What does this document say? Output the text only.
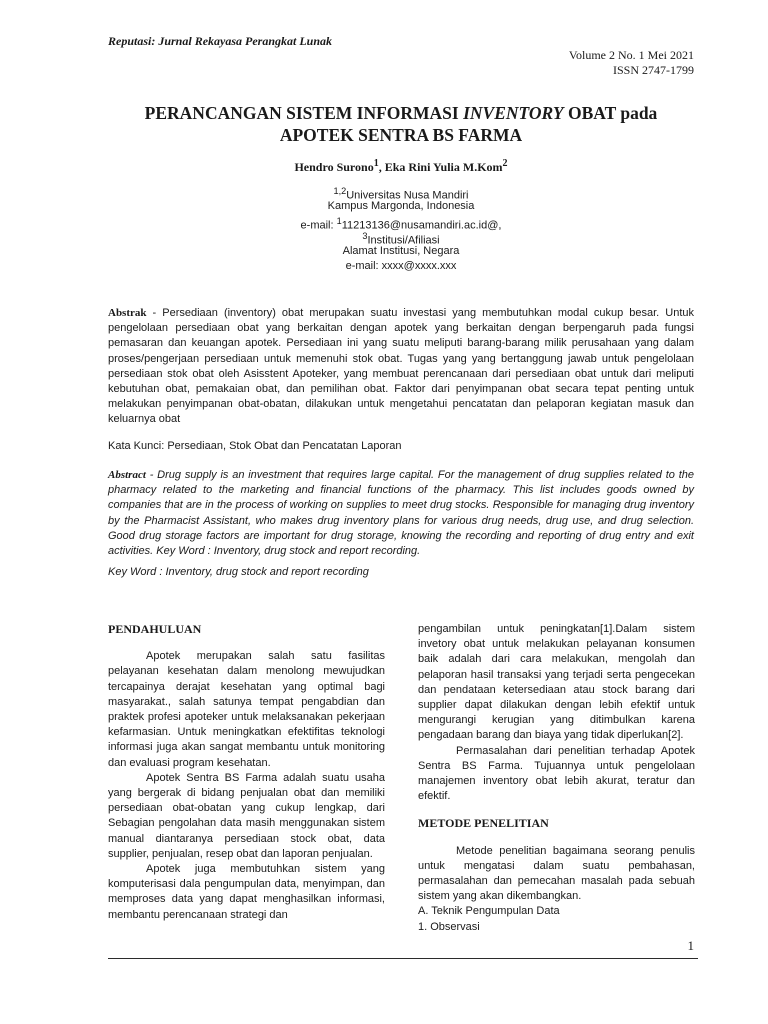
Reputasi: Jurnal Rekayasa Perangkat Lunak
Volume 2 No. 1 Mei 2021
ISSN 2747-1799
PERANCANGAN SISTEM INFORMASI INVENTORY OBAT pada
APOTEK SENTRA BS FARMA
Hendro Surono$^1$, Eka Rini Yulia M.Kom$^2$
$^{1,2}$Universitas Nusa Mandiri
Kampus Margonda, Indonesia
e-mail: $^1$11213136@nusamandiri.ac.id@,
$^3$Institusi/Afiliasi
Alamat Institusi, Negara
e-mail: xxxx@xxxx.xxx
Abstrak - Persediaan (inventory) obat merupakan suatu investasi yang membutuhkan modal cukup besar. Untuk pengelolaan persediaan obat yang berkaitan dengan apotek yang berkaitan dengan berpengaruh pada fungsi pemasaran dan keuangan apotek. Persediaan ini yang suatu meliputi barang-barang milik perusahaan yang dalam proses/pengerjaan persediaan untuk memenuhi stok obat. Tugas yang yang bertanggung jawab untuk pengelolaan persediaan stok obat oleh Asisstent Apoteker, yang membuat perencanaan dari persediaan obat untuk dari meliputi kebutuhan obat, pemakaian obat, dan pemilihan obat. Faktor dari penyimpanan obat secara tepat penting untuk melakukan penyimpanan obat-obatan, dilakukan untuk mengetahui pencatatan dan pelaporan kegiatan masuk dan keluarnya obat
Kata Kunci: Persediaan, Stok Obat dan Pencatatan Laporan
Abstract - Drug supply is an investment that requires large capital. For the management of drug supplies related to the pharmacy related to the marketing and financial functions of the pharmacy. This list includes goods owned by companies that are in the process of working on supplies to meet drug stocks. Responsible for managing drug inventory by the Pharmacist Assistant, who makes drug inventory plans for various drug needs, drug use, and drug selection. Good drug storage factors are important for drug storage, knowing the recording and reporting of drug entry and exit activities. Key Word : Inventory, drug stock and report recording.
Key Word : Inventory, drug stock and report recording
PENDAHULUAN

Apotek merupakan salah satu fasilitas pelayanan kesehatan dalam menolong mewujudkan tercapainya derajat kesehatan yang optimal bagi masyarakat., salah satunya tempat pengabdian dan praktek profesi apoteker untuk melaksanakan pekerjaan kefarmasian. Untuk meningkatkan efektifitas teknologi informasi juga akan sangat membantu untuk monitoring dan evaluasi program kesehatan.

Apotek Sentra BS Farma adalah suatu usaha yang bergerak di bidang penjualan obat dan memiliki persediaan obat-obatan yang cukup lengkap, dari Sebagian pengolahan data masih menggunakan sistem manual diantaranya persediaan stock obat, data supplier, penjualan, resep obat dan laporan penjualan.

Apotek juga membutuhkan sistem yang komputerisasi dala pengumpulan data, menyimpan, dan memproses data yang dapat menghasilkan informasi, membantu perencanaan strategi dan

pengambilan untuk peningkatan[1].Dalam sistem invetory obat untuk melakukan pelayanan konsumen baik adalah dari cara melakukan, mengolah dan pelaporan hasil transaksi yang terjadi serta pengecekan dan pendataan ketersediaan atau stock barang dari supplier dapat dilakukan dengan lebih efektif untuk mengurangi kerugian yang ditimbulkan karena pengadaan barang dan biaya yang tidak diperlukan[2].

Permasalahan dari penelitian terhadap Apotek Sentra BS Farma. Tujuannya untuk pengelolaan manajemen inventory obat lebih akurat, teratur dan efektif.

METODE PENELITIAN

Metode penelitian bagaimana seorang penulis untuk mengatasi dalam suatu pembahasan, permasalahan dan pemecahan masalah pada sebuah sistem yang akan dikembangkan.

A. Teknik Pengumpulan Data

1. Observasi

1
